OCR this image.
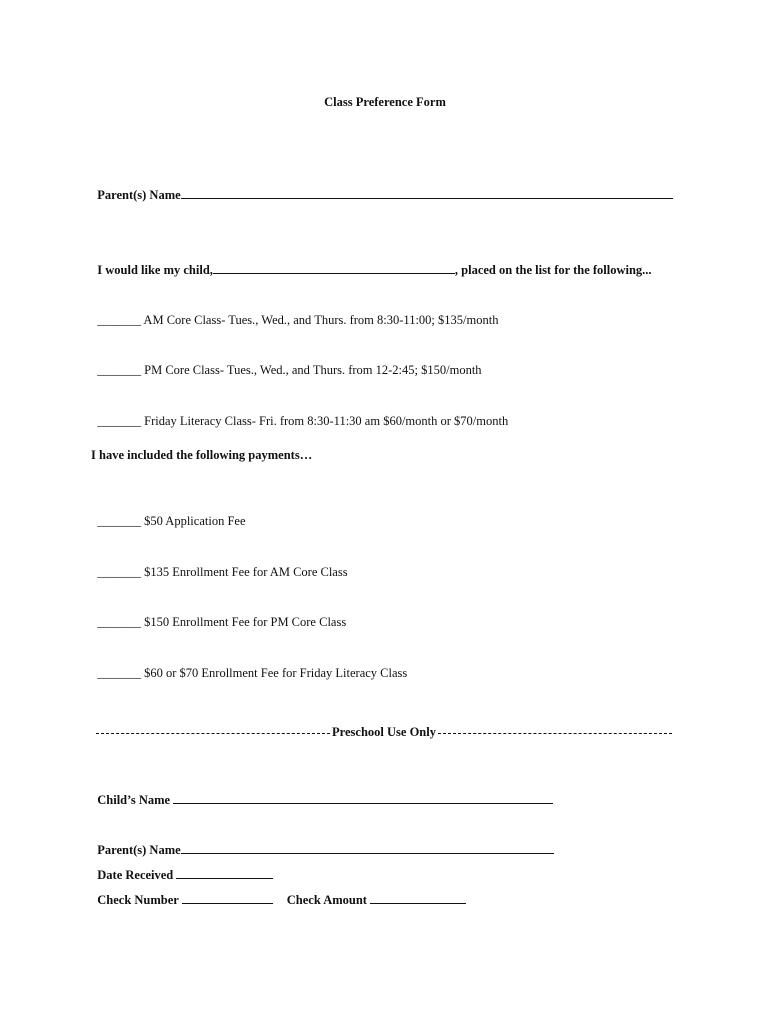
Class Preference Form

Parent(s) Name

I would like my child,	, placed on the list for the following...

_______ AM Core Class- Tues., Wed., and Thurs. from 8:30-11:00; $135/month

_______ PM Core Class- Tues., Wed., and Thurs. from 12-2:45; $150/month

_______ Friday Literacy Class- Fri. from 8:30-11:30 am $60/month or $70/month

I have included the following payments…

_______ $50 Application Fee

_______ $135 Enrollment Fee for AM Core Class

_______ $150 Enrollment Fee for PM Core Class

_______ $60 or $70 Enrollment Fee for Friday Literacy Class

Preschool Use Only

Child’s Name

Parent(s) Name

Date Received

Check Number	Check Amount
